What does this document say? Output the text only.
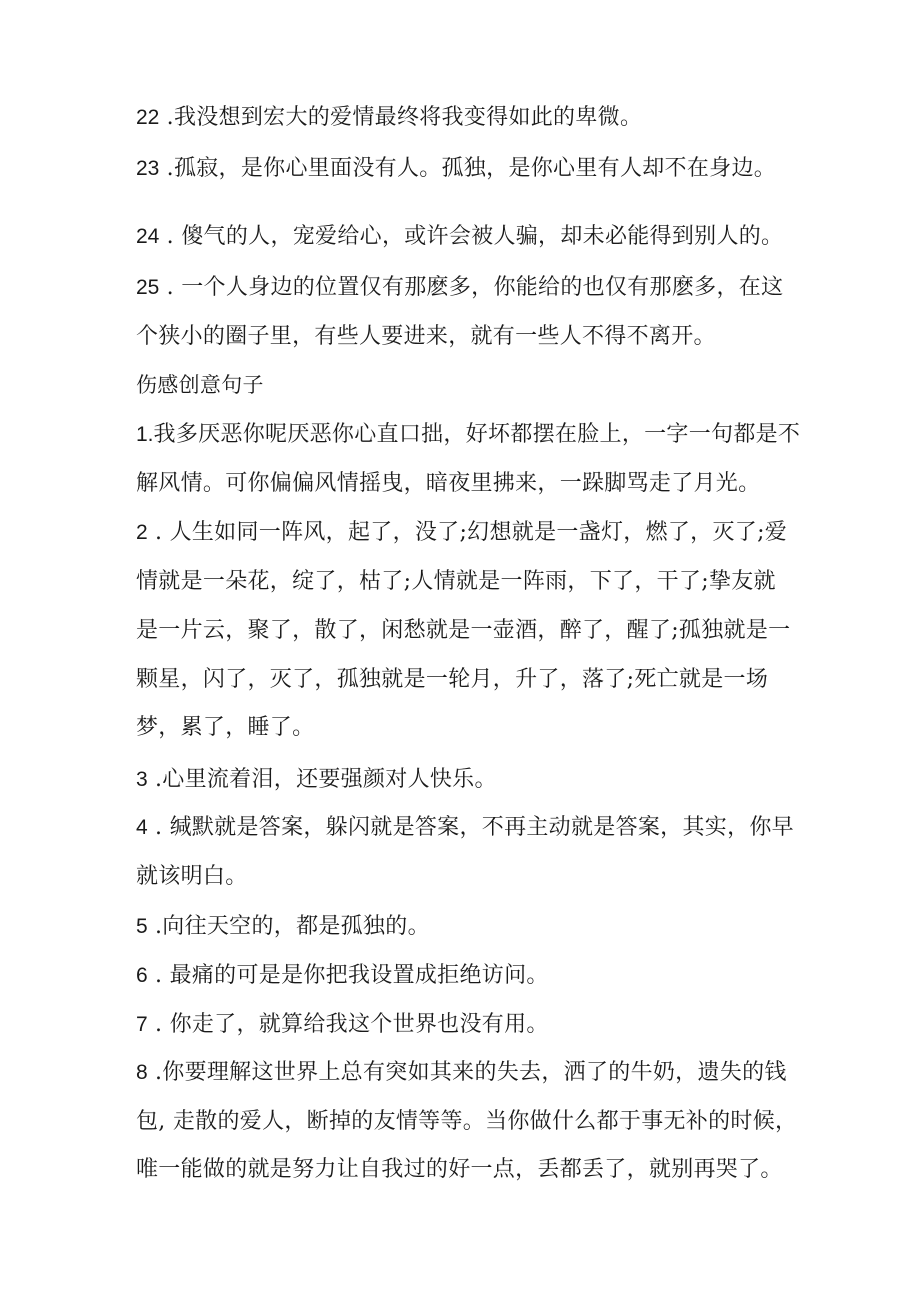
22 .我没想到宏大的爱情最终将我变得如此的卑微。
23 .孤寂，是你心里面没有人。孤独，是你心里有人却不在身边。
24 . 傻气的人，宠爱给心，或许会被人骗，却未必能得到别人的。
25 . 一个人身边的位置仅有那麽多，你能给的也仅有那麽多，在这
个狭小的圈子里，有些人要进来，就有一些人不得不离开。
伤感创意句子
1.我多厌恶你呢厌恶你心直口拙，好坏都摆在脸上，一字一句都是不
解风情。可你偏偏风情摇曳，暗夜里拂来，一跺脚骂走了月光。
2 . 人生如同一阵风，起了，没了;幻想就是一盏灯，燃了，灭了;爱
情就是一朵花，绽了，枯了;人情就是一阵雨，下了，干了;挚友就
是一片云，聚了，散了，闲愁就是一壶酒，醉了，醒了;孤独就是一
颗星，闪了，灭了，孤独就是一轮月，升了，落了;死亡就是一场
梦，累了，睡了。
3 .心里流着泪，还要强颜对人快乐。
4 . 缄默就是答案，躲闪就是答案，不再主动就是答案，其实，你早
就该明白。
5 .向往天空的，都是孤独的。
6 . 最痛的可是是你把我设置成拒绝访问。
7 . 你走了，就算给我这个世界也没有用。
8 .你要理解这世界上总有突如其来的失去，洒了的牛奶，遗失的钱
包, 走散的爱人，断掉的友情等等。当你做什么都于事无补的时候，
唯一能做的就是努力让自我过的好一点，丢都丢了，就别再哭了。
